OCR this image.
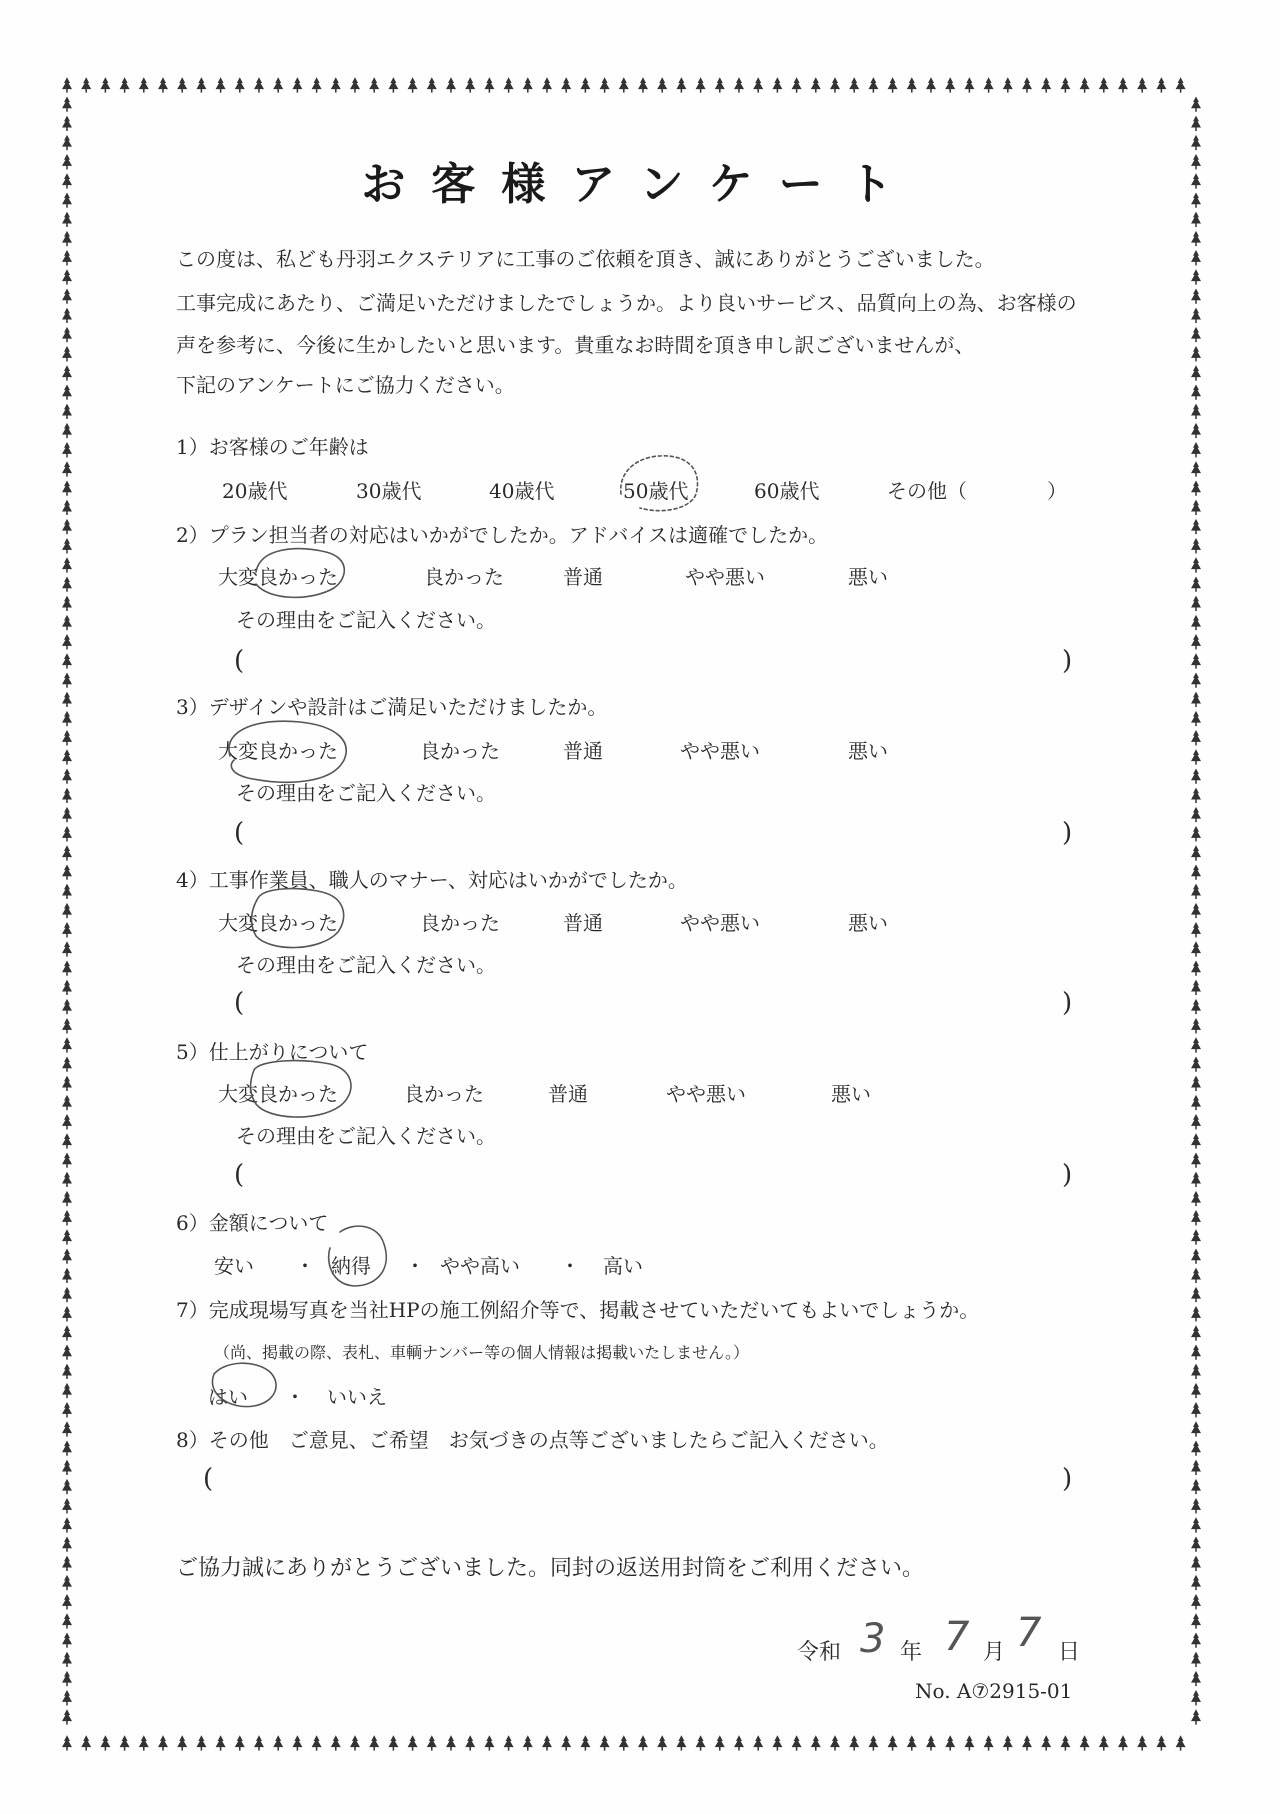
お客様アンケート
この度は、私ども丹羽エクステリアに工事のご依頼を頂き、誠にありがとうございました。
工事完成にあたり、ご満足いただけましたでしょうか。より良いサービス、品質向上の為、お客様の
声を参考に、今後に生かしたいと思います。貴重なお時間を頂き申し訳ございませんが、
下記のアンケートにご協力ください。
1）お客様のご年齢は
20歳代	30歳代	40歳代	50歳代	60歳代	その他（　　　　）
2）プラン担当者の対応はいかがでしたか。アドバイスは適確でしたか。
大変良かった	良かった	普通	やや悪い	悪い
その理由をご記入ください。
(	)
3）デザインや設計はご満足いただけましたか。
大変良かった	良かった	普通	やや悪い	悪い
その理由をご記入ください。
(	)
4）工事作業員、職人のマナー、対応はいかがでしたか。
大変良かった	良かった	普通	やや悪い	悪い
その理由をご記入ください。
(	)
5）仕上がりについて
大変良かった	良かった	普通	やや悪い	悪い
その理由をご記入ください。
(	)
6）金額について
安い ・ 納得 ・ やや高い ・ 高い
7）完成現場写真を当社HPの施工例紹介等で、掲載させていただいてもよいでしょうか。
（尚、掲載の際、表札、車輌ナンバー等の個人情報は掲載いたしません。）
はい ・ いいえ
8）その他　ご意見、ご希望　お気づきの点等ございましたらご記入ください。
(	)
ご協力誠にありがとうございました。同封の返送用封筒をご利用ください。
令和 3 年 7 月 7 日
No. A⑦2915-01
